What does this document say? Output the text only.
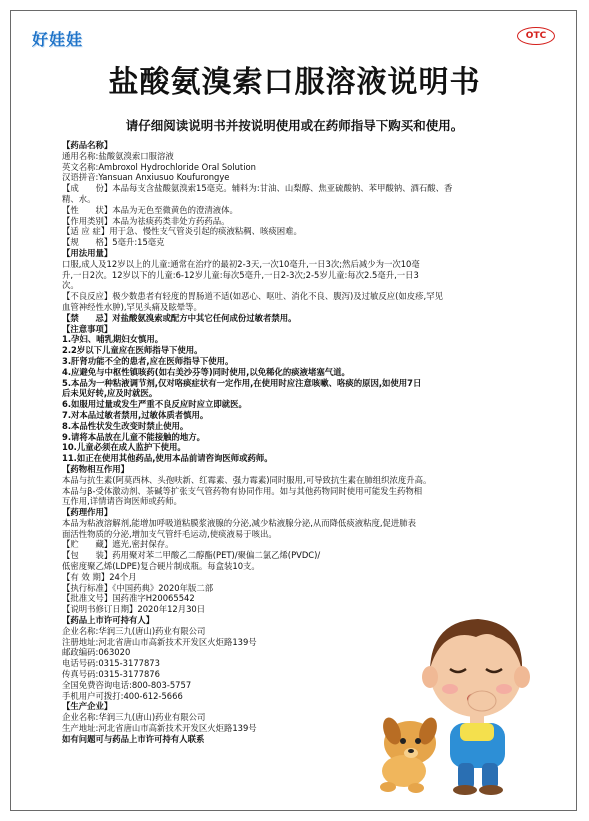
好娃娃	OTC
盐酸氨溴索口服溶液说明书
请仔细阅读说明书并按说明使用或在药师指导下购买和使用。
【药品名称】
通用名称:盐酸氨溴索口服溶液
英文名称:Ambroxol Hydrochloride Oral Solution
汉语拼音:Yansuan Anxiusuo Koufurongye
【成　　份】本品每支含盐酸氨溴索15毫克。辅料为:甘油、山梨醇、焦亚硫酸钠、苯甲酸钠、酒石酸、香
精、水。
【性　　状】本品为无色至微黄色的澄清液体。
【作用类别】本品为祛痰药类非处方药药品。
【适 应 症】用于急、慢性支气管炎引起的痰液粘稠、咳痰困难。
【规　　格】5毫升:15毫克
【用法用量】
口服,成人及12岁以上的儿童:通常在治疗的最初2-3天,一次10毫升,一日3次;然后减少为一次10毫
升,一日2次。12岁以下的儿童:6-12岁儿童:每次5毫升,一日2-3次;2-5岁儿童:每次2.5毫升,一日3
次。
【不良反应】极少数患者有轻度的胃肠道不适(如恶心、呕吐、消化不良、腹泻)及过敏反应(如皮疹,罕见
血管神经性水肿),罕见头痛及眩晕等。
【禁　　忌】对盐酸氨溴索或配方中其它任何成份过敏者禁用。
【注意事项】
1.孕妇、哺乳期妇女慎用。
2.2岁以下儿童应在医师指导下使用。
3.肝肾功能不全的患者,应在医师指导下使用。
4.应避免与中枢性镇咳药(如右美沙芬等)同时使用,以免稀化的痰液堵塞气道。
5.本品为一种粘液调节剂,仅对咯痰症状有一定作用,在使用时应注意咳嗽、咯痰的原因,如使用7日
后未见好转,应及时就医。
6.如服用过量或发生严重不良反应时应立即就医。
7.对本品过敏者禁用,过敏体质者慎用。
8.本品性状发生改变时禁止使用。
9.请将本品放在儿童不能接触的地方。
10.儿童必须在成人监护下使用。
11.如正在使用其他药品,使用本品前请咨询医师或药师。
【药物相互作用】
本品与抗生素(阿莫西林、头孢呋新、红霉素、强力霉素)同时服用,可导致抗生素在肺组织浓度升高。
本品与β-受体激动剂、茶碱等扩张支气管药物有协同作用。如与其他药物同时使用可能发生药物相
互作用,详情请咨询医师或药师。
【药理作用】
本品为粘液溶解剂,能增加呼吸道粘膜浆液腺的分泌,减少粘液腺分泌,从而降低痰液粘度,促进肺表
面活性物质的分泌,增加支气管纤毛运动,使痰液易于咳出。
【贮　　藏】遮光,密封保存。
【包　　装】药用聚对苯二甲酸乙二醇酯(PET)/聚偏二氯乙烯(PVDC)/
低密度聚乙烯(LDPE)复合硬片制成瓶。每盒装10支。
【有 效 期】24个月
【执行标准】《中国药典》2020年版二部
【批准文号】国药准字H20065542
【说明书修订日期】2020年12月30日
【药品上市许可持有人】
企业名称:华润三九(唐山)药业有限公司
注册地址:河北省唐山市高新技术开发区火炬路139号
邮政编码:063020
电话号码:0315-3177873
传真号码:0315-3177876
全国免费咨询电话:800-803-5757
手机用户可拨打:400-612-5666
【生产企业】
企业名称:华润三九(唐山)药业有限公司
生产地址:河北省唐山市高新技术开发区火炬路139号
如有问题可与药品上市许可持有人联系
